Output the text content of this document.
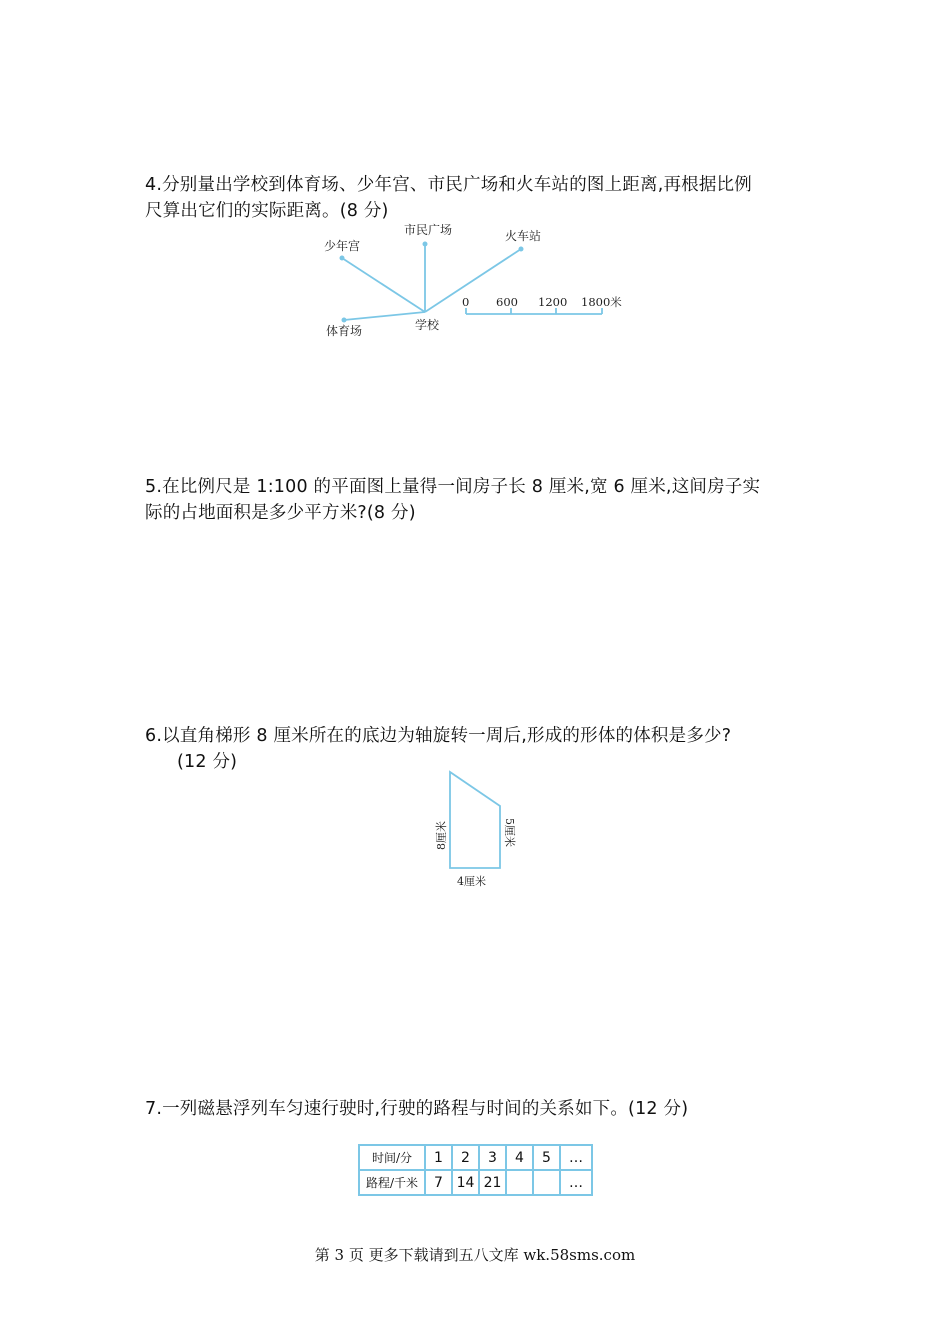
4.分别量出学校到体育场、少年宫、市民广场和火车站的图上距离,再根据比例
尺算出它们的实际距离。(8 分)
少年宫
市民广场	火车站
体育场	学校
0 600 1200 1800米
5.在比例尺是 1:100 的平面图上量得一间房子长 8 厘米,宽 6 厘米,这间房子实
际的占地面积是多少平方米?(8 分)
6.以直角梯形 8 厘米所在的底边为轴旋转一周后,形成的形体的体积是多少?
(12 分)
8厘米	5厘米
4厘米
7.一列磁悬浮列车匀速行驶时,行驶的路程与时间的关系如下。(12 分)
时间/分	1	2	3	4	5	…
路程/千米	7	14	21			…
第 3 页 更多下载请到五八文库 wk.58sms.com
